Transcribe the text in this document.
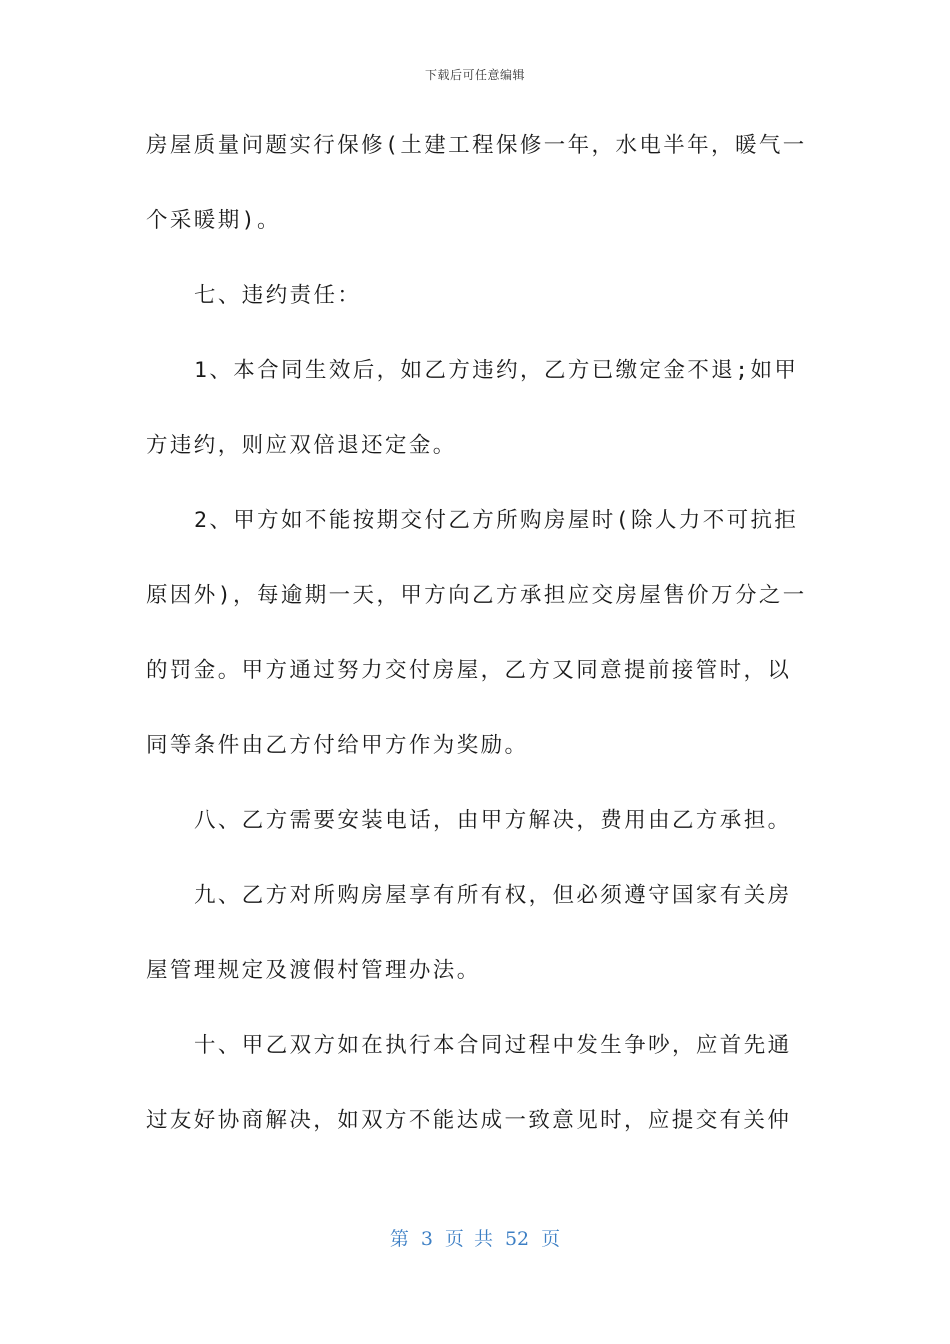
下载后可任意编辑
房屋质量问题实行保修(土建工程保修一年，水电半年，暖气一
个采暖期)。
七、违约责任：
1、本合同生效后，如乙方违约，乙方已缴定金不退;如甲
方违约，则应双倍退还定金。
2、甲方如不能按期交付乙方所购房屋时(除人力不可抗拒
原因外)，每逾期一天，甲方向乙方承担应交房屋售价万分之一
的罚金。甲方通过努力交付房屋，乙方又同意提前接管时，以
同等条件由乙方付给甲方作为奖励。
八、乙方需要安装电话，由甲方解决，费用由乙方承担。
九、乙方对所购房屋享有所有权，但必须遵守国家有关房
屋管理规定及渡假村管理办法。
十、甲乙双方如在执行本合同过程中发生争吵，应首先通
过友好协商解决，如双方不能达成一致意见时，应提交有关仲
第 3 页 共 52 页
